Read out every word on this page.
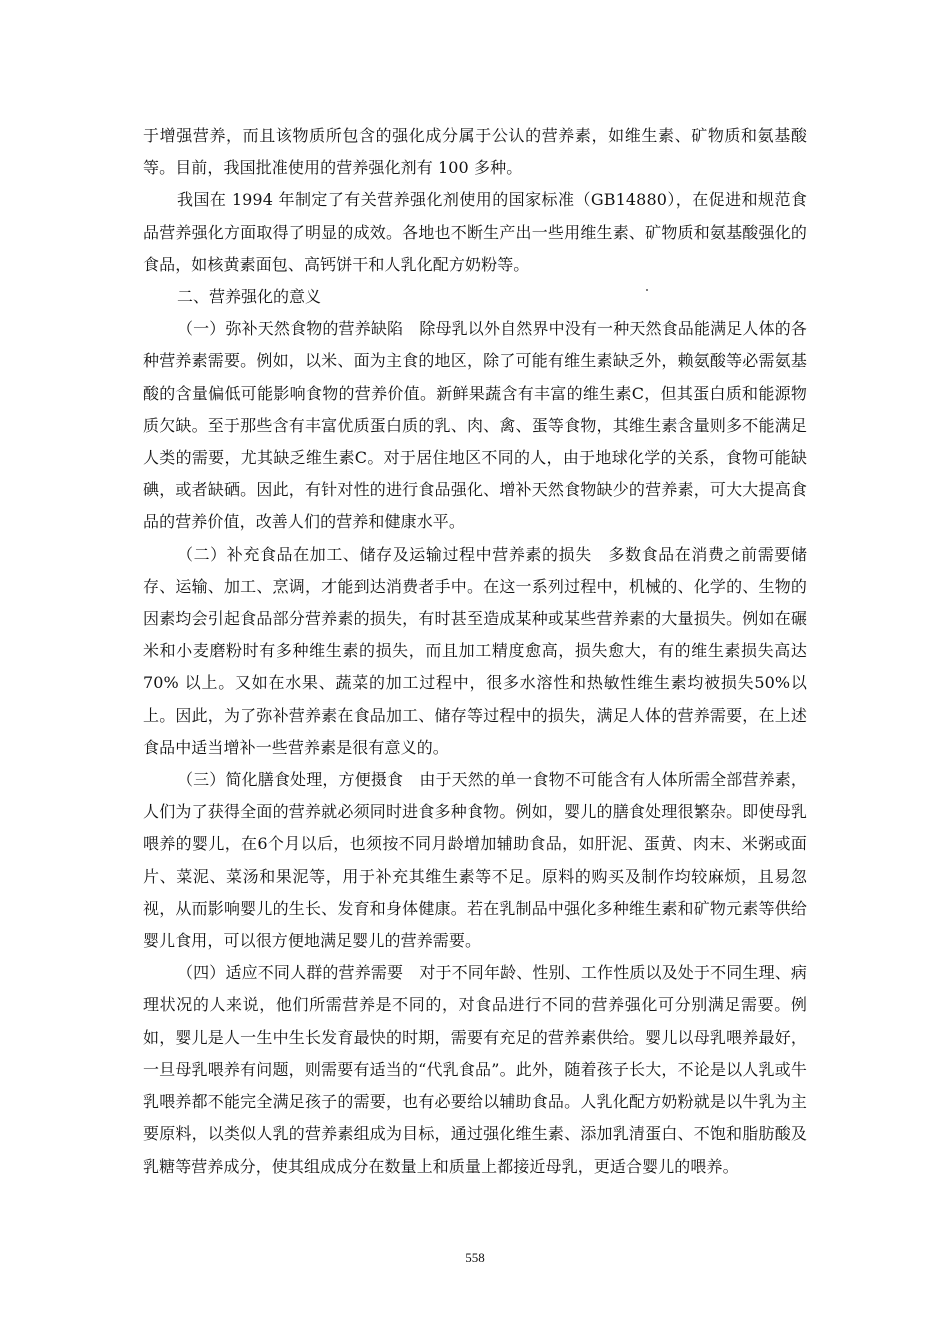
于增强营养，而且该物质所包含的强化成分属于公认的营养素，如维生素、矿物质和氨基酸等。目前，我国批准使用的营养强化剂有 100 多种。

我国在 1994 年制定了有关营养强化剂使用的国家标准（GB14880），在促进和规范食品营养强化方面取得了明显的成效。各地也不断生产出一些用维生素、矿物质和氨基酸强化的食品，如核黄素面包、高钙饼干和人乳化配方奶粉等。

二、营养强化的意义

（一）弥补天然食物的营养缺陷　除母乳以外自然界中没有一种天然食品能满足人体的各种营养素需要。例如，以米、面为主食的地区，除了可能有维生素缺乏外，赖氨酸等必需氨基酸的含量偏低可能影响食物的营养价值。新鲜果蔬含有丰富的维生素C，但其蛋白质和能源物质欠缺。至于那些含有丰富优质蛋白质的乳、肉、禽、蛋等食物，其维生素含量则多不能满足人类的需要，尤其缺乏维生素C。对于居住地区不同的人，由于地球化学的关系，食物可能缺碘，或者缺硒。因此，有针对性的进行食品强化、增补天然食物缺少的营养素，可大大提高食品的营养价值，改善人们的营养和健康水平。

（二）补充食品在加工、储存及运输过程中营养素的损失　多数食品在消费之前需要储存、运输、加工、烹调，才能到达消费者手中。在这一系列过程中，机械的、化学的、生物的因素均会引起食品部分营养素的损失，有时甚至造成某种或某些营养素的大量损失。例如在碾米和小麦磨粉时有多种维生素的损失，而且加工精度愈高，损失愈大，有的维生素损失高达70% 以上。又如在水果、蔬菜的加工过程中，很多水溶性和热敏性维生素均被损失50%以上。因此，为了弥补营养素在食品加工、储存等过程中的损失，满足人体的营养需要，在上述食品中适当增补一些营养素是很有意义的。

（三）简化膳食处理，方便摄食　由于天然的单一食物不可能含有人体所需全部营养素，人们为了获得全面的营养就必须同时进食多种食物。例如，婴儿的膳食处理很繁杂。即使母乳喂养的婴儿，在6个月以后，也须按不同月龄增加辅助食品，如肝泥、蛋黄、肉末、米粥或面片、菜泥、菜汤和果泥等，用于补充其维生素等不足。原料的购买及制作均较麻烦，且易忽视，从而影响婴儿的生长、发育和身体健康。若在乳制品中强化多种维生素和矿物元素等供给婴儿食用，可以很方便地满足婴儿的营养需要。

（四）适应不同人群的营养需要　对于不同年龄、性别、工作性质以及处于不同生理、病理状况的人来说，他们所需营养是不同的，对食品进行不同的营养强化可分别满足需要。例如，婴儿是人一生中生长发育最快的时期，需要有充足的营养素供给。婴儿以母乳喂养最好，一旦母乳喂养有问题，则需要有适当的“代乳食品”。此外，随着孩子长大，不论是以人乳或牛乳喂养都不能完全满足孩子的需要，也有必要给以辅助食品。人乳化配方奶粉就是以牛乳为主要原料，以类似人乳的营养素组成为目标，通过强化维生素、添加乳清蛋白、不饱和脂肪酸及乳糖等营养成分，使其组成成分在数量上和质量上都接近母乳，更适合婴儿的喂养。

558
